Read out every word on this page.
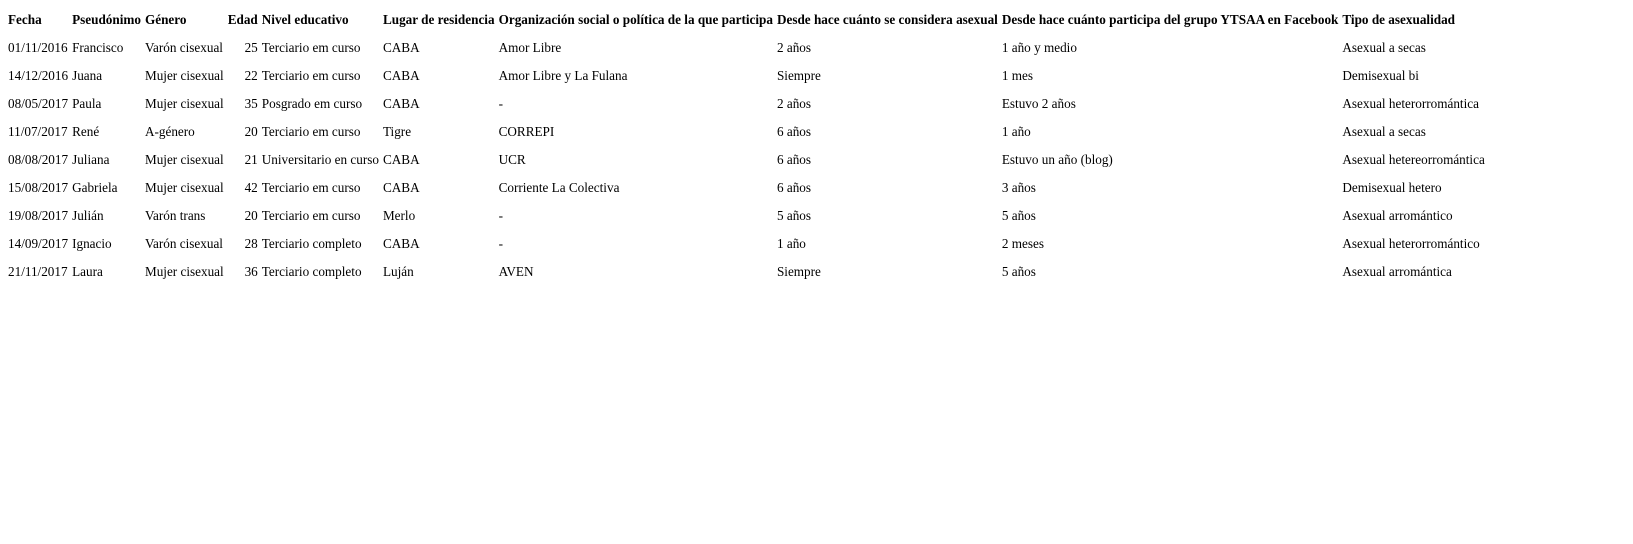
Fecha	Pseudónimo	Género	Edad	Nivel educativo	Lugar de residencia	Organización social o política de la que participa	Desde hace cuánto se considera asexual	Desde hace cuánto participa del grupo YTSAA en Facebook	Tipo de asexualidad
01/11/2016	Francisco	Varón cisexual	25	Terciario em curso	CABA	Amor Libre	2 años	1 año y medio	Asexual a secas
14/12/2016	Juana	Mujer cisexual	22	Terciario em curso	CABA	Amor Libre y La Fulana	Siempre	1 mes	Demisexual bi
08/05/2017	Paula	Mujer cisexual	35	Posgrado em curso	CABA	-	2 años	Estuvo 2 años	Asexual heterorromántica
11/07/2017	René	A-género	20	Terciario em curso	Tigre	CORREPI	6 años	1 año	Asexual a secas
08/08/2017	Juliana	Mujer cisexual	21	Universitario en curso	CABA	UCR	6 años	Estuvo un año (blog)	Asexual hetereorromántica
15/08/2017	Gabriela	Mujer cisexual	42	Terciario em curso	CABA	Corriente La Colectiva	6 años	3 años	Demisexual hetero
19/08/2017	Julián	Varón trans	20	Terciario em curso	Merlo	-	5 años	5 años	Asexual arromántico
14/09/2017	Ignacio	Varón cisexual	28	Terciario completo	CABA	-	1 año	2 meses	Asexual heterorromántico
21/11/2017	Laura	Mujer cisexual	36	Terciario completo	Luján	AVEN	Siempre	5 años	Asexual arromántica
